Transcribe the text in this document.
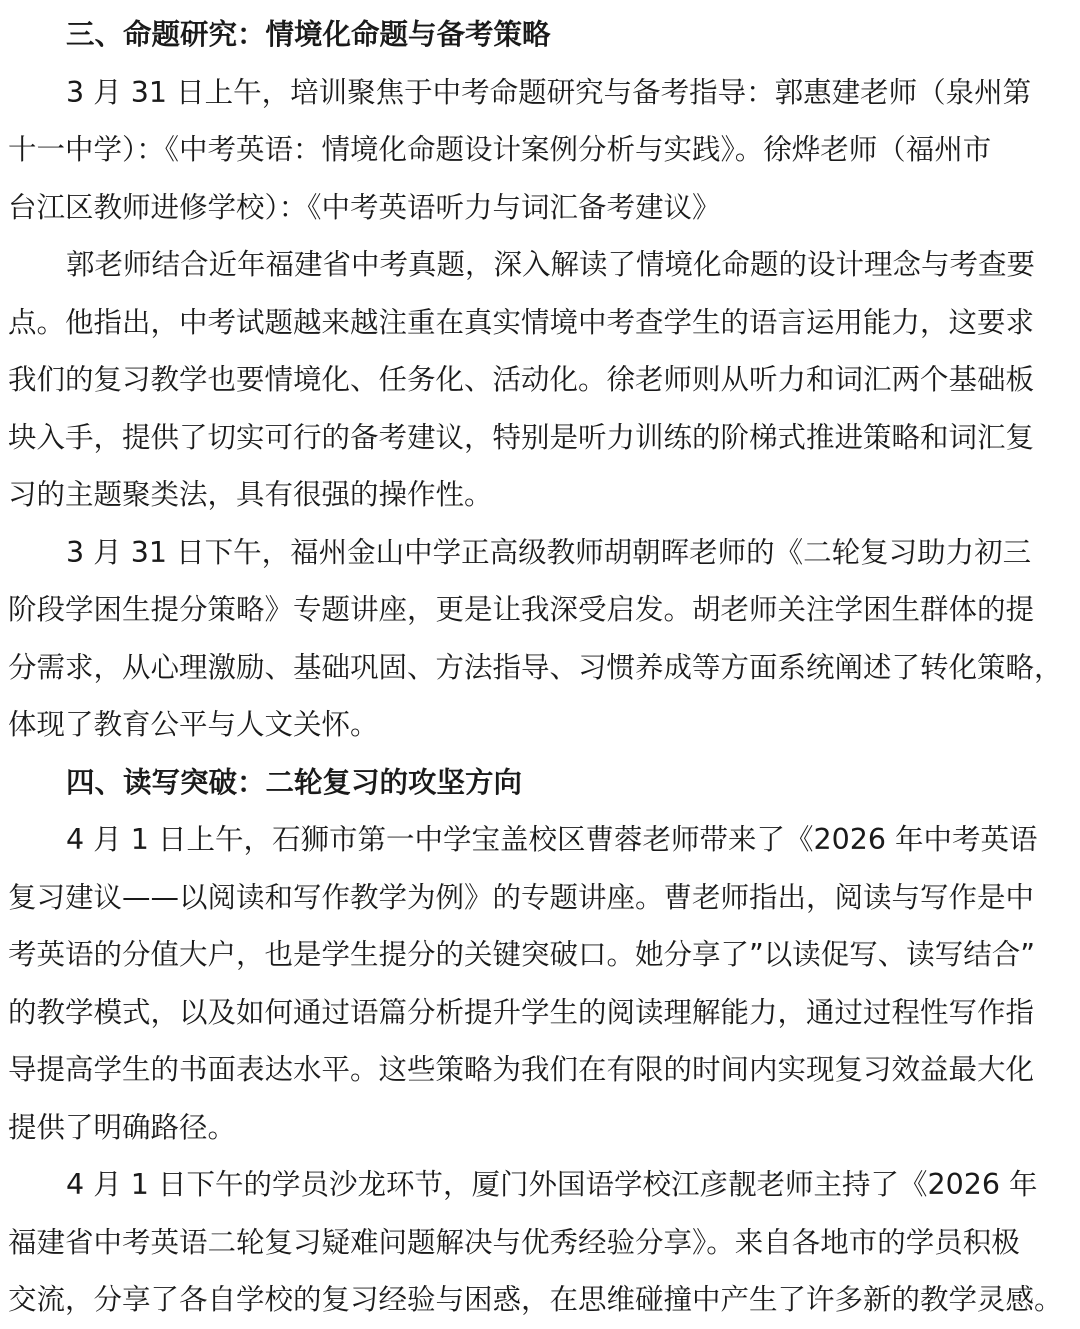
三、命题研究：情境化命题与备考策略
3 月 31 日上午，培训聚焦于中考命题研究与备考指导：郭惠建老师（泉州第
十一中学）：《中考英语：情境化命题设计案例分析与实践》。徐烨老师（福州市
台江区教师进修学校）：《中考英语听力与词汇备考建议》
郭老师结合近年福建省中考真题，深入解读了情境化命题的设计理念与考查要
点。他指出，中考试题越来越注重在真实情境中考查学生的语言运用能力，这要求
我们的复习教学也要情境化、任务化、活动化。徐老师则从听力和词汇两个基础板
块入手，提供了切实可行的备考建议，特别是听力训练的阶梯式推进策略和词汇复
习的主题聚类法，具有很强的操作性。
3 月 31 日下午，福州金山中学正高级教师胡朝晖老师的《二轮复习助力初三
阶段学困生提分策略》专题讲座，更是让我深受启发。胡老师关注学困生群体的提
分需求，从心理激励、基础巩固、方法指导、习惯养成等方面系统阐述了转化策略，
体现了教育公平与人文关怀。
四、读写突破：二轮复习的攻坚方向
4 月 1 日上午，石狮市第一中学宝盖校区曹蓉老师带来了《2026 年中考英语
复习建议——以阅读和写作教学为例》的专题讲座。曹老师指出，阅读与写作是中
考英语的分值大户，也是学生提分的关键突破口。她分享了”以读促写、读写结合”
的教学模式，以及如何通过语篇分析提升学生的阅读理解能力，通过过程性写作指
导提高学生的书面表达水平。这些策略为我们在有限的时间内实现复习效益最大化
提供了明确路径。
4 月 1 日下午的学员沙龙环节，厦门外国语学校江彦靓老师主持了《2026 年
福建省中考英语二轮复习疑难问题解决与优秀经验分享》。来自各地市的学员积极
交流，分享了各自学校的复习经验与困惑，在思维碰撞中产生了许多新的教学灵感。
